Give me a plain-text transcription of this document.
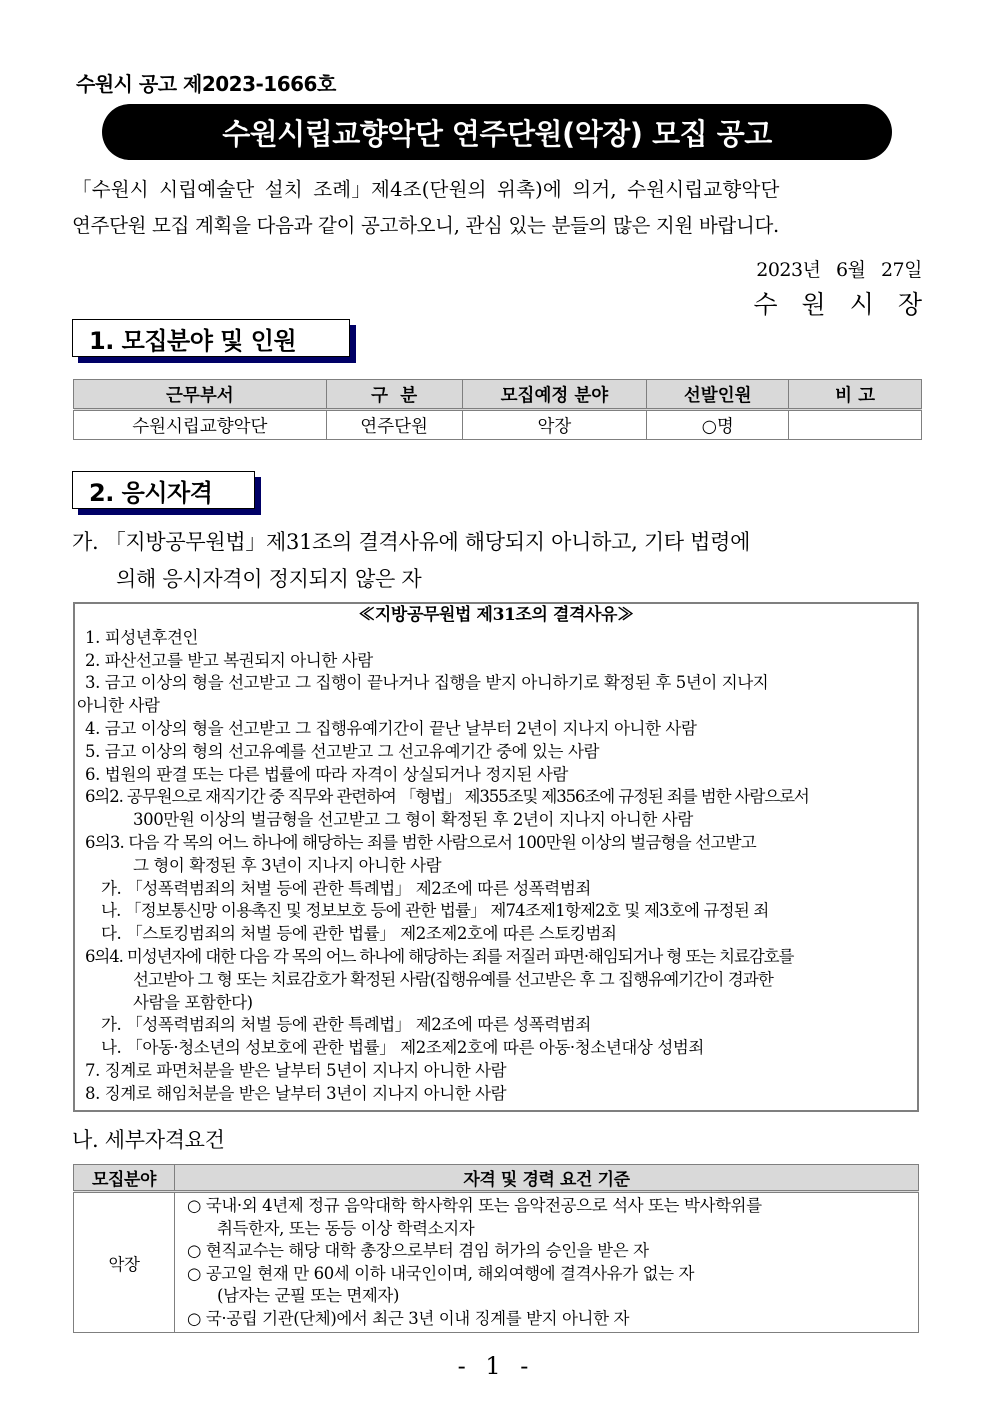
수원시 공고 제2023-1666호
수원시립교향악단 연주단원(악장) 모집 공고
「수원시 시립예술단 설치 조례」제4조(단원의 위촉)에 의거, 수원시립교향악단
연주단원 모집 계획을 다음과 같이 공고하오니, 관심 있는 분들의 많은 지원 바랍니다.
2023년 6월 27일
수원시장
1. 모집분야 및 인원
근무부서	구  분	모집예정 분야	선발인원	비 고
수원시립교향악단	연주단원	악장	○명	
2. 응시자격
가. 「지방공무원법」제31조의 결격사유에 해당되지 아니하고, 기타 법령에
의해 응시자격이 정지되지 않은 자
≪지방공무원법 제31조의 결격사유≫
1. 피성년후견인
2. 파산선고를 받고 복권되지 아니한 사람
3. 금고 이상의 형을 선고받고 그 집행이 끝나거나 집행을 받지 아니하기로 확정된 후 5년이 지나지
아니한 사람
4. 금고 이상의 형을 선고받고 그 집행유예기간이 끝난 날부터 2년이 지나지 아니한 사람
5. 금고 이상의 형의 선고유예를 선고받고 그 선고유예기간 중에 있는 사람
6. 법원의 판결 또는 다른 법률에 따라 자격이 상실되거나 정지된 사람
6의2. 공무원으로 재직기간 중 직무와 관련하여 「형법」 제355조및 제356조에 규정된 죄를 범한 사람으로서
300만원 이상의 벌금형을 선고받고 그 형이 확정된 후 2년이 지나지 아니한 사람
6의3. 다음 각 목의 어느 하나에 해당하는 죄를 범한 사람으로서 100만원 이상의 벌금형을 선고받고
그 형이 확정된 후 3년이 지나지 아니한 사람
가. 「성폭력범죄의 처벌 등에 관한 특례법」 제2조에 따른 성폭력범죄
나. 「정보통신망 이용촉진 및 정보보호 등에 관한 법률」 제74조제1항제2호 및 제3호에 규정된 죄
다. 「스토킹범죄의 처벌 등에 관한 법률」 제2조제2호에 따른 스토킹범죄
6의4. 미성년자에 대한 다음 각 목의 어느 하나에 해당하는 죄를 저질러 파면·해임되거나 형 또는 치료감호를
선고받아 그 형 또는 치료감호가 확정된 사람(집행유예를 선고받은 후 그 집행유예기간이 경과한
사람을 포함한다)
가. 「성폭력범죄의 처벌 등에 관한 특례법」 제2조에 따른 성폭력범죄
나. 「아동·청소년의 성보호에 관한 법률」 제2조제2호에 따른 아동·청소년대상 성범죄
7. 징계로 파면처분을 받은 날부터 5년이 지나지 아니한 사람
8. 징계로 해임처분을 받은 날부터 3년이 지나지 아니한 사람
나. 세부자격요건
모집분야	자격 및 경력 요건 기준
악장	
○ 국내·외 4년제 정규 음악대학 학사학위 또는 음악전공으로 석사 또는 박사학위를
취득한자, 또는 동등 이상 학력소지자
○ 현직교수는 해당 대학 총장으로부터 겸임 허가의 승인을 받은 자
○ 공고일 현재 만 60세 이하 내국인이며, 해외여행에 결격사유가 없는 자
(남자는 군필 또는 면제자)
○ 국·공립 기관(단체)에서 최근 3년 이내 징계를 받지 아니한 자
- 1 -
